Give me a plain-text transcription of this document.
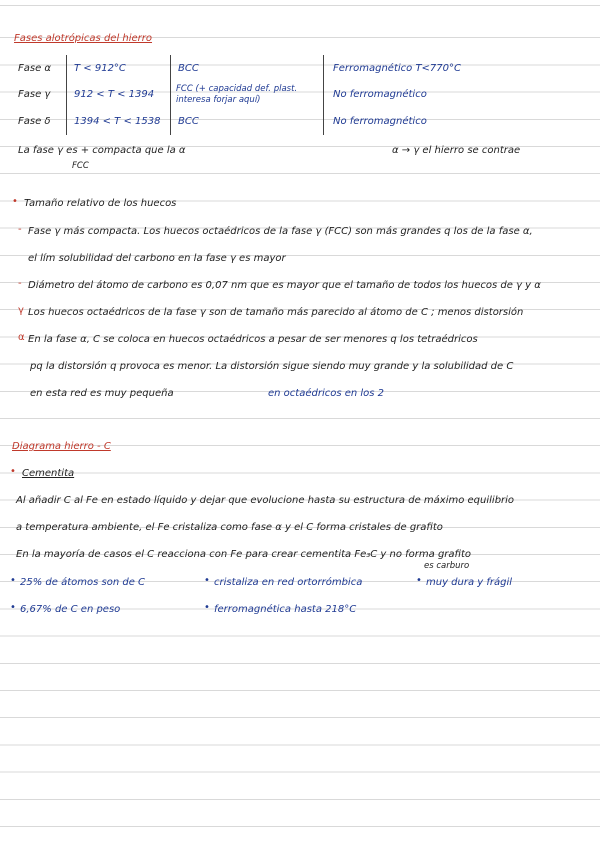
Fases alotrópicas del hierro
Fase α T < 912°C	BCC	Ferromagnético T<770°C
Fase γ 912 < T < 1394	FCC (+ capacidad def. plast.
interesa forjar aquí)	No ferromagnético
Fase δ 1394 < T < 1538 BCC	No ferromagnético
La fase γ es + compacta que la α
FCC
α → γ el hierro se contrae
• Tamaño relativo de los huecos
- Fase γ más compacta. Los huecos octaédricos de la fase γ (FCC) son más grandes q los de la fase α,
el lím solubilidad del carbono en la fase γ es mayor
- Diámetro del átomo de carbono es 0,07 nm que es mayor que el tamaño de todos los huecos de γ y α
γ Los huecos octaédricos de la fase γ son de tamaño más parecido al átomo de C ; menos distorsión
α En la fase α, C se coloca en huecos octaédricos a pesar de ser menores q los tetraédricos
pq la distorsión q provoca es menor. La distorsión sigue siendo muy grande y la solubilidad de C
en esta red es muy pequeña	en octaédricos en los 2
Diagrama hierro - C
• Cementita
Al añadir C al Fe en estado líquido y dejar que evolucione hasta su estructura de máximo equilibrio
a temperatura ambiente, el Fe cristaliza como fase α y el C forma cristales de grafito
En la mayoría de casos el C reacciona con Fe para crear cementita Fe₃C y no forma grafito
es carburo
• 25% de átomos son de C	• cristaliza en red ortorrómbica	• muy dura y frágil
• 6,67% de C en peso	• ferromagnética hasta 218°C
